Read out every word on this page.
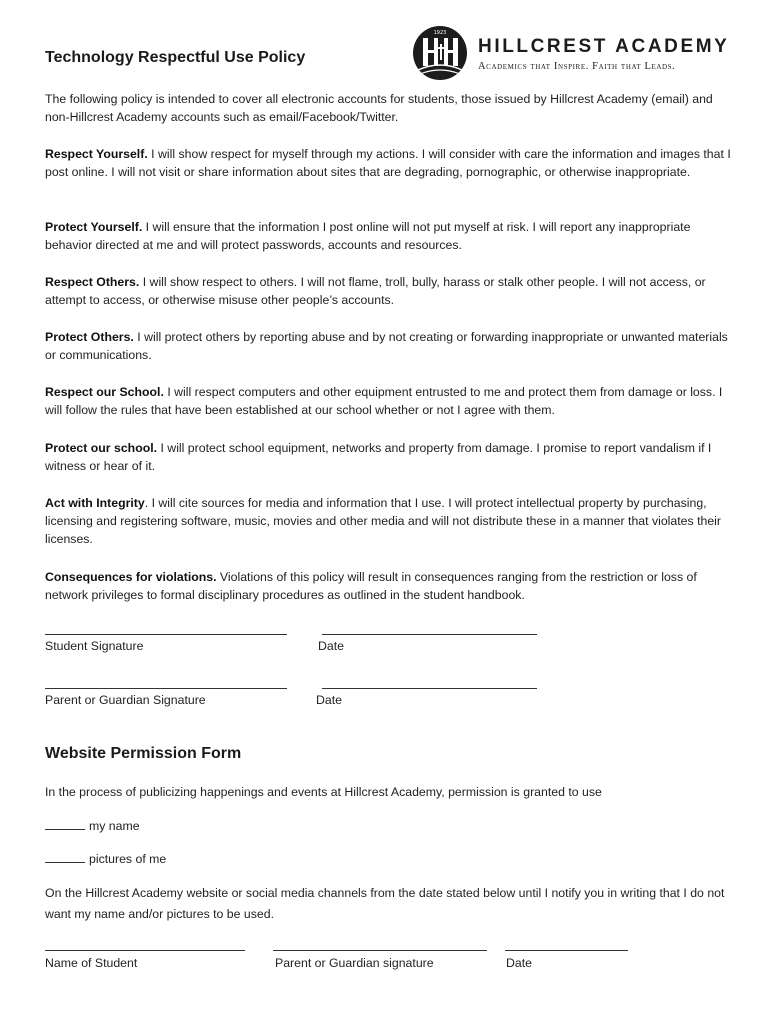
1923
HILLCREST ACADEMY
Academics that Inspire. Faith that Leads.
Technology Respectful Use Policy
The following policy is intended to cover all electronic accounts for students, those issued by Hillcrest Academy (email) and non-Hillcrest Academy accounts such as email/Facebook/Twitter.
Respect Yourself. I will show respect for myself through my actions. I will consider with care the information and images that I post online. I will not visit or share information about sites that are degrading, pornographic, or otherwise inappropriate.
Protect Yourself. I will ensure that the information I post online will not put myself at risk. I will report any inappropriate behavior directed at me and will protect passwords, accounts and resources.
Respect Others. I will show respect to others. I will not flame, troll, bully, harass or stalk other people. I will not access, or attempt to access, or otherwise misuse other people’s accounts.
Protect Others. I will protect others by reporting abuse and by not creating or forwarding inappropriate or unwanted materials or communications.
Respect our School. I will respect computers and other equipment entrusted to me and protect them from damage or loss. I will follow the rules that have been established at our school whether or not I agree with them.
Protect our school. I will protect school equipment, networks and property from damage. I promise to report vandalism if I witness or hear of it.
Act with Integrity. I will cite sources for media and information that I use. I will protect intellectual property by purchasing, licensing and registering software, music, movies and other media and will not distribute these in a manner that violates their licenses.
Consequences for violations. Violations of this policy will result in consequences ranging from the restriction or loss of network privileges to formal disciplinary procedures as outlined in the student handbook.
Student Signature	Date
Parent or Guardian Signature	Date
Website Permission Form
In the process of publicizing happenings and events at Hillcrest Academy, permission is granted to use
my name
pictures of me
On the Hillcrest Academy website or social media channels from the date stated below until I notify you in writing that I do not want my name and/or pictures to be used.
Name of Student	Parent or Guardian signature	Date
